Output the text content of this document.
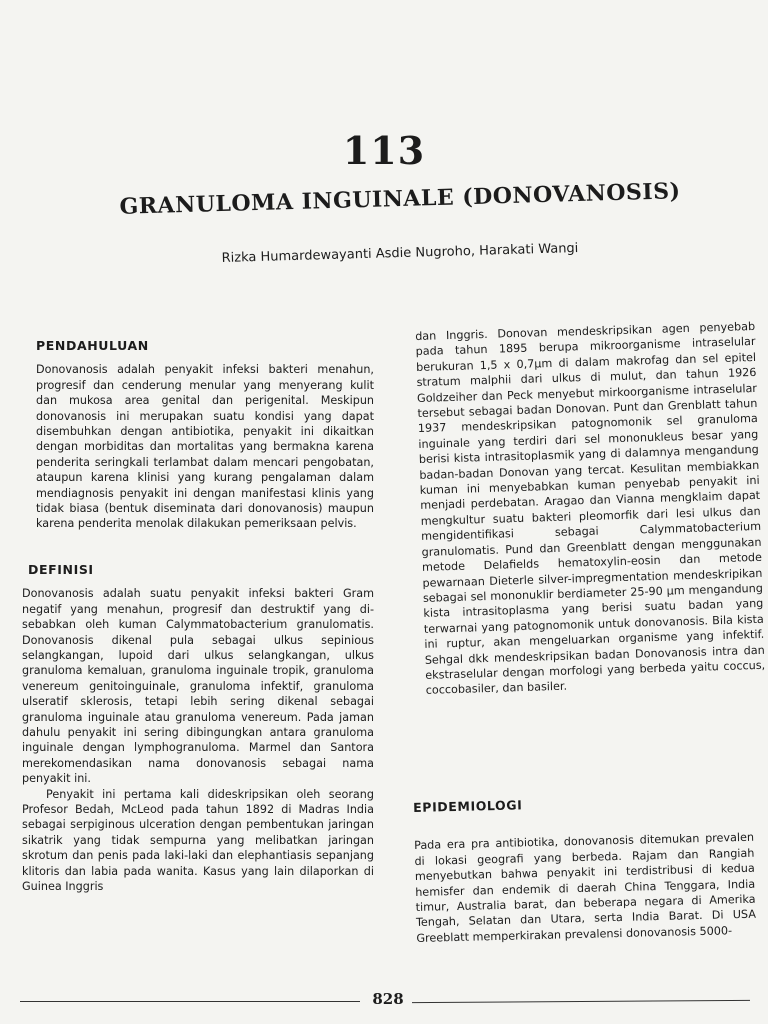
113
GRANULOMA INGUINALE (DONOVANOSIS)
Rizka Humardewayanti Asdie Nugroho, Harakati Wangi
PENDAHULUAN

Donovanosis adalah penyakit infeksi bakteri menahun, progresif dan cenderung menular yang menyerang kulit dan mukosa area genital dan perigenital. Meskipun donovanosis ini merupakan suatu kondisi yang dapat disembuhkan dengan antibiotika, penyakit ini dikaitkan dengan morbiditas dan mortalitas yang bermakna karena penderita seringkali terlambat dalam mencari pengobatan, ataupun karena klinisi yang kurang pengalaman dalam mendiagnosis penyakit ini dengan manifestasi klinis yang tidak biasa (bentuk diseminata dari donovanosis) maupun karena penderita menolak dilakukan pemeriksaan pelvis.

DEFINISI

Donovanosis adalah suatu penyakit infeksi bakteri Gram negatif yang menahun, progresif dan destruktif yang di-sebabkan oleh kuman Calymmatobacterium granulomatis. Donovanosis dikenal pula sebagai ulkus sepinious selangkangan, lupoid dari ulkus selangkangan, ulkus granuloma kemaluan, granuloma inguinale tropik, granuloma venereum genitoinguinale, granuloma infektif, granuloma ulseratif sklerosis, tetapi lebih sering dikenal sebagai granuloma inguinale atau granuloma venereum. Pada jaman dahulu penyakit ini sering dibingungkan antara granuloma inguinale dengan lymphogranuloma. Marmel dan Santora merekomendasikan nama donovanosis sebagai nama penyakit ini.

Penyakit ini pertama kali dideskripsikan oleh seorang Profesor Bedah, McLeod pada tahun 1892 di Madras India sebagai serpiginous ulceration dengan pembentukan jaringan sikatrik yang tidak sempurna yang melibatkan jaringan skrotum dan penis pada laki-laki dan elephantiasis sepanjang klitoris dan labia pada wanita. Kasus yang lain dilaporkan di Guinea Inggris

dan Inggris. Donovan mendeskripsikan agen penyebab pada tahun 1895 berupa mikroorganisme intraselular berukuran 1,5 x 0,7μm di dalam makrofag dan sel epitel stratum malphii dari ulkus di mulut, dan tahun 1926 Goldzeiher dan Peck menyebut mirkoorganisme intraselular tersebut sebagai badan Donovan. Punt dan Grenblatt tahun 1937 mendeskripsikan patognomonik sel granuloma inguinale yang terdiri dari sel mononukleus besar yang berisi kista intrasitoplasmik yang di dalamnya mengandung badan-badan Donovan yang tercat. Kesulitan membiakkan kuman ini menyebabkan kuman penyebab penyakit ini menjadi perdebatan. Aragao dan Vianna mengklaim dapat mengkultur suatu bakteri pleomorfik dari lesi ulkus dan mengidentifikasi sebagai Calymmatobacterium granulomatis. Pund dan Greenblatt dengan menggunakan metode Delafields hematoxylin-eosin dan metode pewarnaan Dieterle silver-impregmentation mendeskripikan sebagai sel mononuklir berdiameter 25-90 μm mengandung kista intrasitoplasma yang berisi suatu badan yang terwarnai yang patognomonik untuk donovanosis. Bila kista ini ruptur, akan mengeluarkan organisme yang infektif. Sehgal dkk mendeskripsikan badan Donovanosis intra dan ekstraselular dengan morfologi yang berbeda yaitu coccus, coccobasiler, dan basiler.

EPIDEMIOLOGI

Pada era pra antibiotika, donovanosis ditemukan prevalen di lokasi geografi yang berbeda. Rajam dan Rangiah menyebutkan bahwa penyakit ini terdistribusi di kedua hemisfer dan endemik di daerah China Tenggara, India timur, Australia barat, dan beberapa negara di Amerika Tengah, Selatan dan Utara, serta India Barat. Di USA Greeblatt memperkirakan prevalensi donovanosis 5000-

828
